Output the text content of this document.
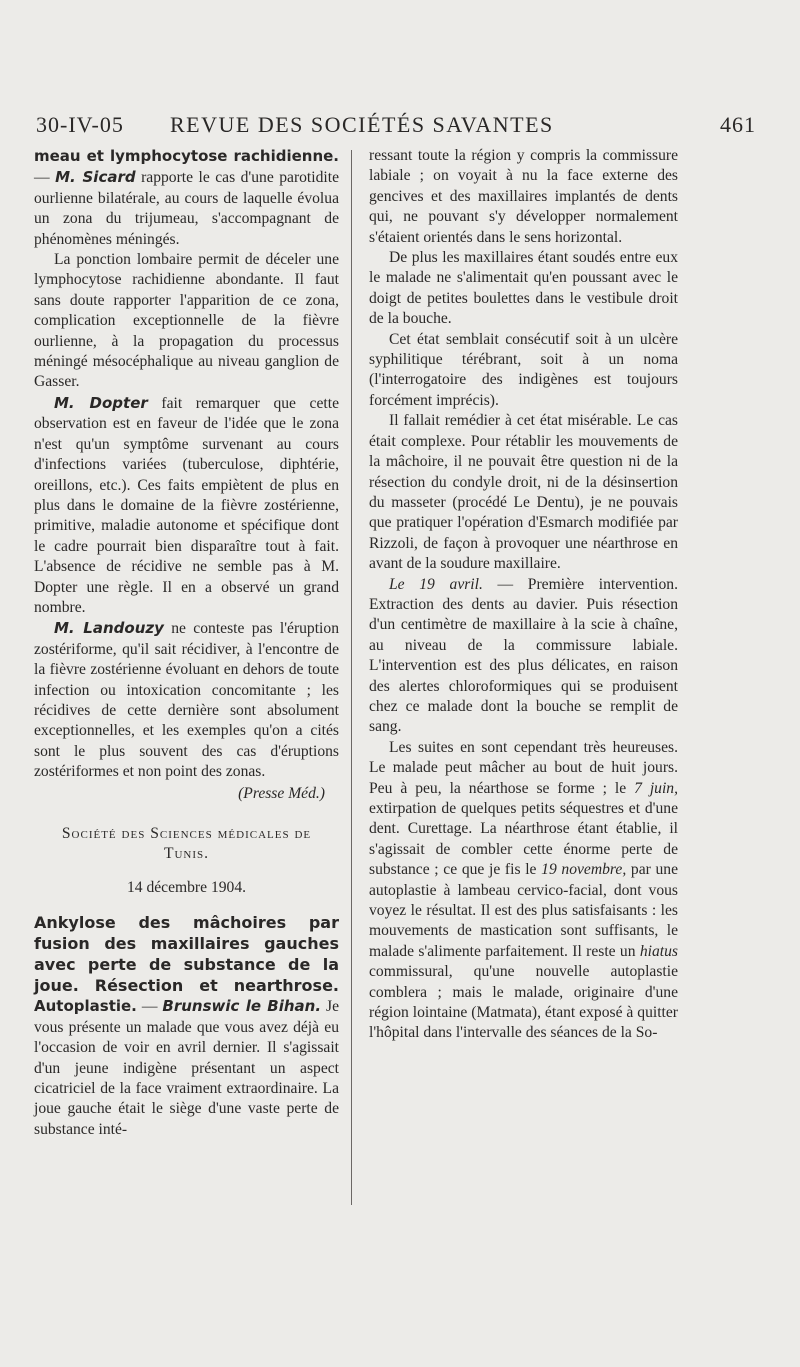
30-IV-05 REVUE DES SOCIÉTÉS SAVANTES	461

meau et lymphocytose rachidienne. — M. Sicard rapporte le cas d'une parotidite ourlienne bilatérale, au cours de laquelle évolua un zona du trijumeau, s'accompagnant de phénomènes méningés.

La ponction lombaire permit de déceler une lymphocytose rachidienne abondante. Il faut sans doute rapporter l'apparition de ce zona, complication exceptionnelle de la fièvre ourlienne, à la propagation du processus méningé mésocéphalique au niveau ganglion de Gasser.

M. Dopter fait remarquer que cette observation est en faveur de l'idée que le zona n'est qu'un symptôme survenant au cours d'infections variées (tuberculose, diphtérie, oreillons, etc.). Ces faits empiètent de plus en plus dans le domaine de la fièvre zostérienne, primitive, maladie autonome et spécifique dont le cadre pourrait bien disparaître tout à fait. L'absence de récidive ne semble pas à M. Dopter une règle. Il en a observé un grand nombre.

M. Landouzy ne conteste pas l'éruption zostériforme, qu'il sait récidiver, à l'encontre de la fièvre zostérienne évoluant en dehors de toute infection ou intoxication concomitante ; les récidives de cette dernière sont absolument exceptionnelles, et les exemples qu'on a cités sont le plus souvent des cas d'éruptions zostériformes et non point des zonas.

(Presse Méd.)
Société des Sciences médicales de
Tunis.
14 décembre 1904.
Ankylose des mâchoires par
fusion des maxillaires gauches
avec perte de substance de la
joue. Résection et nearthrose.

Autoplastie. — Brunswic le Bihan. Je vous présente un malade que vous avez déjà eu l'occasion de voir en avril dernier. Il s'agissait d'un jeune indigène présentant un aspect cicatriciel de la face vraiment extraordinaire. La joue gauche était le siège d'une vaste perte de substance inté-

ressant toute la région y compris la commissure labiale ; on voyait à nu la face externe des gencives et des maxillaires implantés de dents qui, ne pouvant s'y développer normalement s'étaient orientés dans le sens horizontal.

De plus les maxillaires étant soudés entre eux le malade ne s'alimentait qu'en poussant avec le doigt de petites boulettes dans le vestibule droit de la bouche.

Cet état semblait consécutif soit à un ulcère syphilitique térébrant, soit à un noma (l'interrogatoire des indigènes est toujours forcément imprécis).

Il fallait remédier à cet état misérable. Le cas était complexe. Pour rétablir les mouvements de la mâchoire, il ne pouvait être question ni de la résection du condyle droit, ni de la désinsertion du masseter (procédé Le Dentu), je ne pouvais que pratiquer l'opération d'Esmarch modifiée par Rizzoli, de façon à provoquer une néarthrose en avant de la soudure maxillaire.

Le 19 avril. — Première intervention. Extraction des dents au davier. Puis résection d'un centimètre de maxillaire à la scie à chaîne, au niveau de la commissure labiale. L'intervention est des plus délicates, en raison des alertes chloroformiques qui se produisent chez ce malade dont la bouche se remplit de sang.

Les suites en sont cependant très heureuses. Le malade peut mâcher au bout de huit jours. Peu à peu, la néarthose se forme ; le 7 juin, extirpation de quelques petits séquestres et d'une dent. Curettage. La néarthrose étant établie, il s'agissait de combler cette énorme perte de substance ; ce que je fis le 19 novembre, par une autoplastie à lambeau cervico-facial, dont vous voyez le résultat. Il est des plus satisfaisants : les mouvements de mastication sont suffisants, le malade s'alimente parfaitement. Il reste un hiatus commissural, qu'une nouvelle autoplastie comblera ; mais le malade, originaire d'une région lointaine (Matmata), étant exposé à quitter l'hôpital dans l'intervalle des séances de la So-
